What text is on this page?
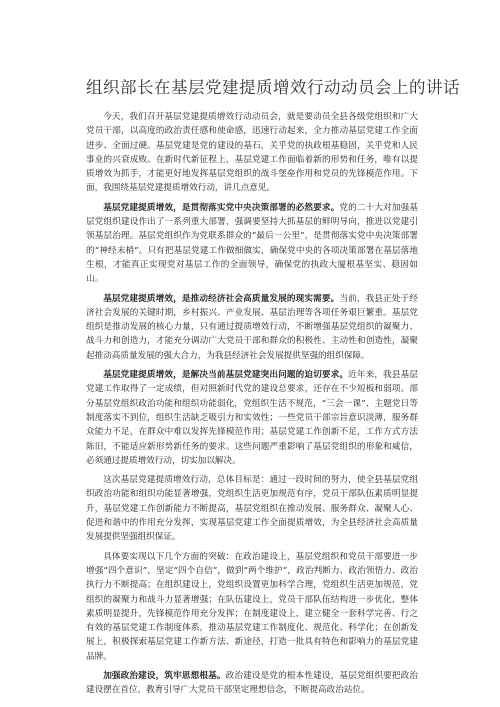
组织部长在基层党建提质增效行动动员会上的讲话

今天，我们召开基层党建提质增效行动动员会，就是要动员全县各级党组织和广大党员干部，以高度的政治责任感和使命感，迅速行动起来，全力推动基层党建工作全面进步、全面过硬。基层党建是党的建设的基石，关乎党的执政根基稳固，关乎党和人民事业的兴衰成败。在新时代新征程上，基层党建工作面临着新的形势和任务，唯有以提质增效为抓手，才能更好地发挥基层党组织的战斗堡垒作用和党员的先锋模范作用。下面，我围绕基层党建提质增效行动，讲几点意见。

基层党建提质增效，是贯彻落实党中央决策部署的必然要求。党的二十大对加强基层党组织建设作出了一系列重大部署，强调要坚持大抓基层的鲜明导向，推进以党建引领基层治理。基层党组织作为党联系群众的“最后一公里”，是贯彻落实党中央决策部署的“神经末梢”。只有把基层党建工作做细做实，确保党中央的各项决策部署在基层落地生根，才能真正实现党对基层工作的全面领导，确保党的执政大厦根基坚实、稳固如山。

基层党建提质增效，是推动经济社会高质量发展的现实需要。当前，我县正处于经济社会发展的关键时期，乡村振兴、产业发展、基层治理等各项任务艰巨繁重。基层党组织是推动发展的核心力量，只有通过提质增效行动，不断增强基层党组织的凝聚力、战斗力和创造力，才能充分调动广大党员干部和群众的积极性、主动性和创造性，凝聚起推动高质量发展的强大合力，为我县经济社会发展提供坚强的组织保障。

基层党建提质增效，是解决当前基层党建突出问题的迫切要求。近年来，我县基层党建工作取得了一定成绩，但对照新时代党的建设总要求，还存在不少短板和弱项。部分基层党组织政治功能和组织功能弱化，党组织生活不规范，“三会一课”、主题党日等制度落实不到位，组织生活缺乏吸引力和实效性；一些党员干部宗旨意识淡薄，服务群众能力不足，在群众中难以发挥先锋模范作用；基层党建工作创新不足，工作方式方法陈旧，不能适应新形势新任务的要求。这些问题严重影响了基层党组织的形象和威信，必须通过提质增效行动，切实加以解决。

这次基层党建提质增效行动，总体目标是：通过一段时间的努力，使全县基层党组织政治功能和组织功能显著增强，党组织生活更加规范有序，党员干部队伍素质明显提升，基层党建工作创新能力不断提高，基层党组织在推动发展、服务群众、凝聚人心、促进和谐中的作用充分发挥，实现基层党建工作全面提质增效，为全县经济社会高质量发展提供坚强组织保证。

具体要实现以下几个方面的突破：在政治建设上，基层党组织和党员干部要进一步增强“四个意识”，坚定“四个自信”，做到“两个维护”，政治判断力、政治领悟力、政治执行力不断提高；在组织建设上，党组织设置更加科学合理，党组织生活更加规范，党组织的凝聚力和战斗力显著增强；在队伍建设上，党员干部队伍结构进一步优化，整体素质明显提升，先锋模范作用充分发挥；在制度建设上，建立健全一套科学完善、行之有效的基层党建工作制度体系，推动基层党建工作制度化、规范化、科学化；在创新发展上，积极探索基层党建工作新方法、新途径，打造一批具有特色和影响力的基层党建品牌。

加强政治建设，筑牢思想根基。政治建设是党的根本性建设，基层党组织要把政治建设摆在首位，教育引导广大党员干部坚定理想信念，不断提高政治站位。
